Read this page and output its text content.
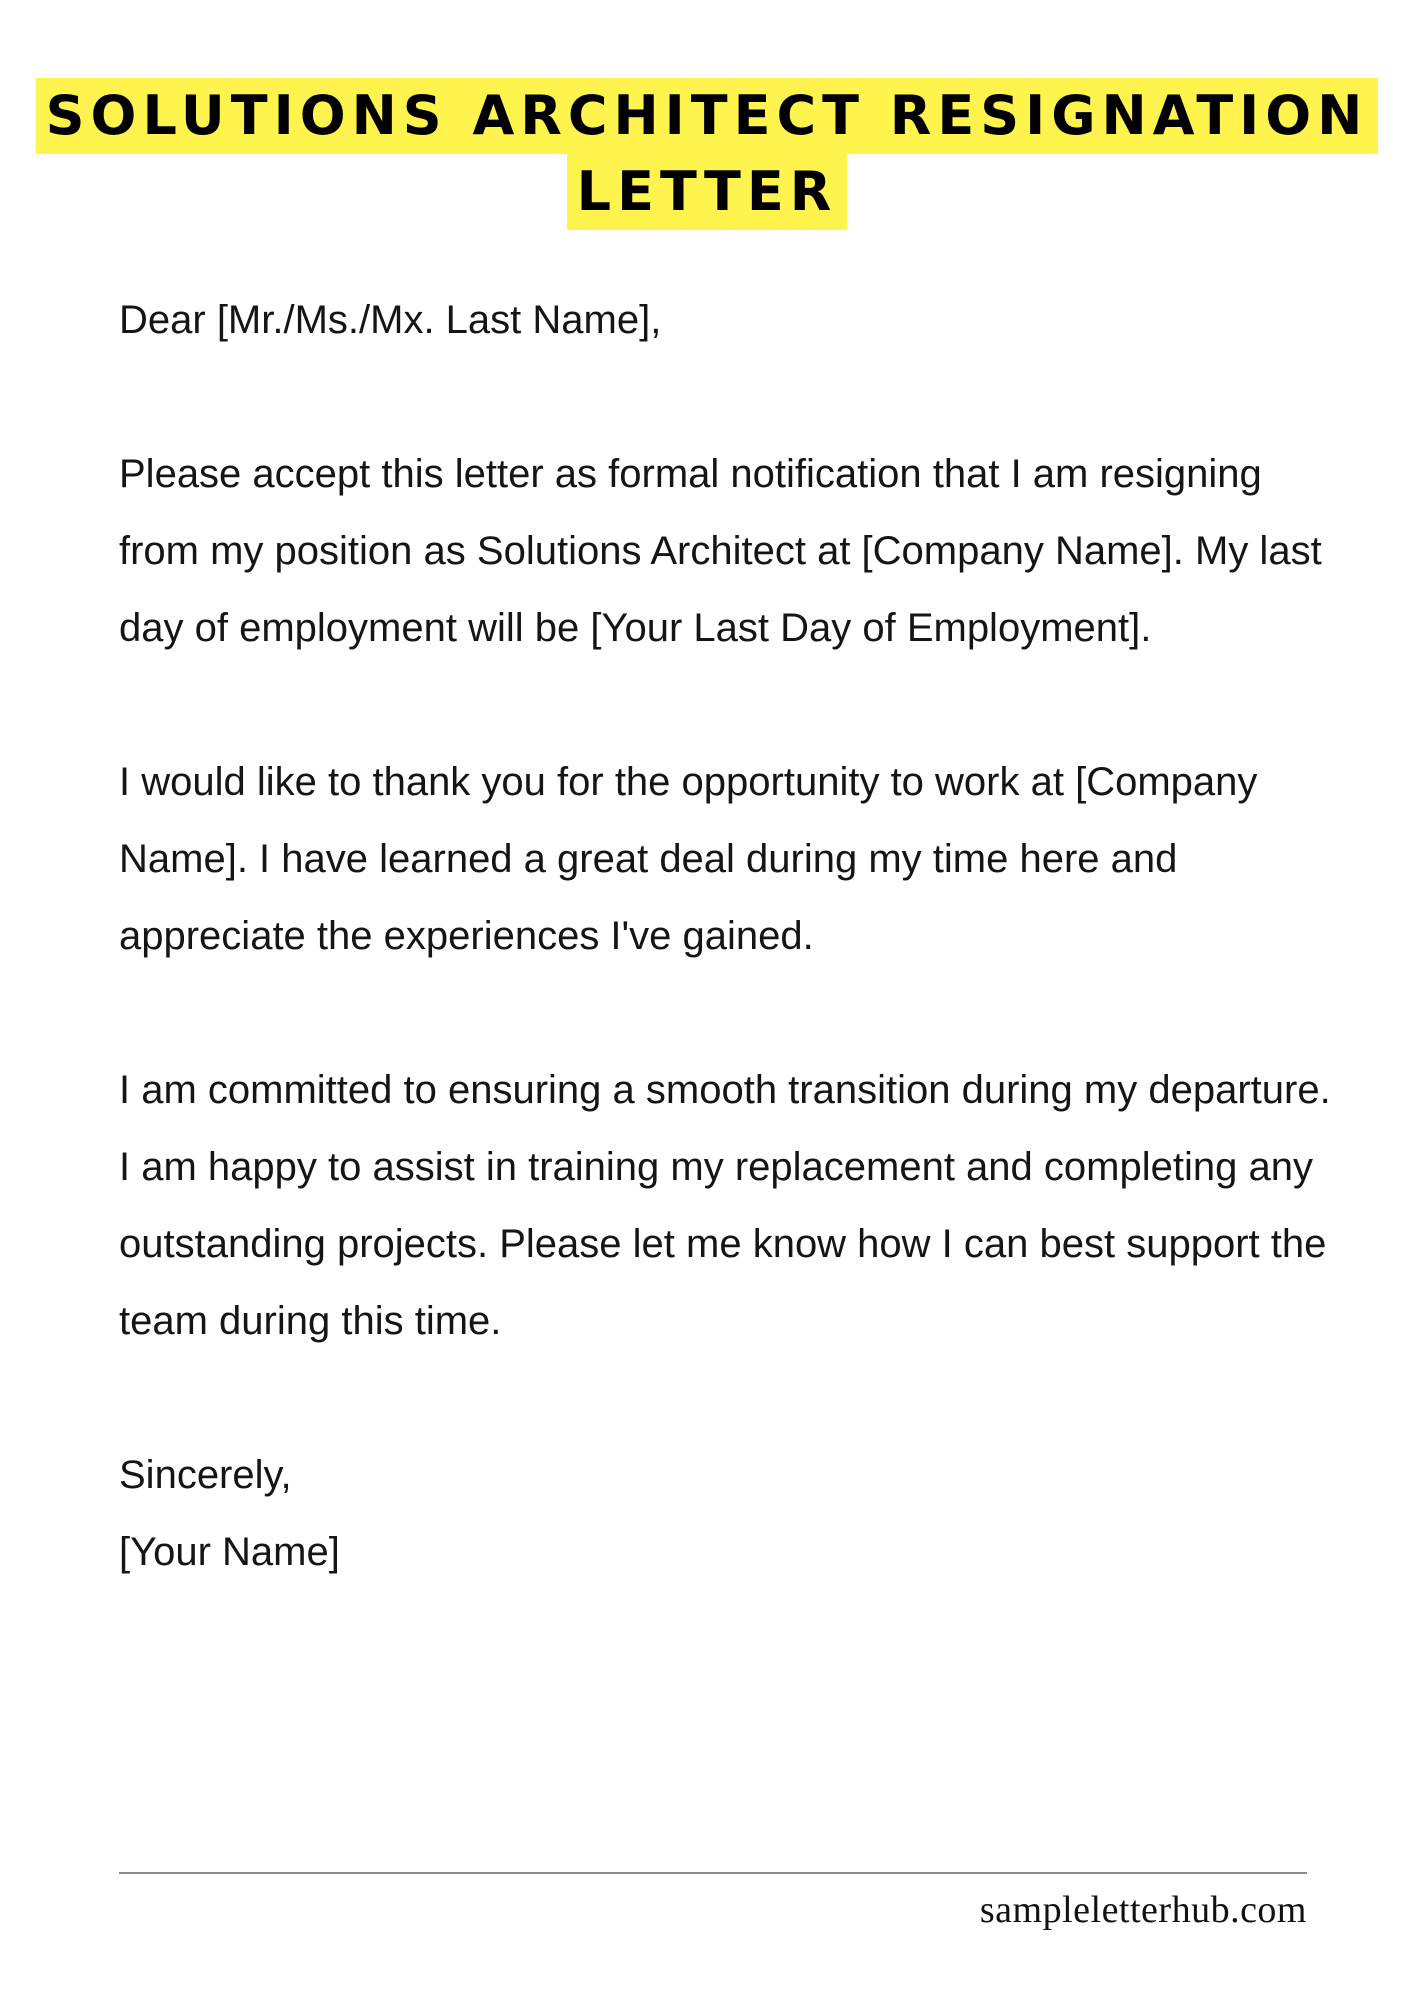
SOLUTIONS ARCHITECT RESIGNATION
LETTER

Dear [Mr./Ms./Mx. Last Name],

Please accept this letter as formal notification that I am resigning from my position as Solutions Architect at [Company Name]. My last day of employment will be [Your Last Day of Employment].

I would like to thank you for the opportunity to work at [Company Name]. I have learned a great deal during my time here and appreciate the experiences I've gained.

I am committed to ensuring a smooth transition during my departure. I am happy to assist in training my replacement and completing any outstanding projects. Please let me know how I can best support the team during this time.

Sincerely,

[Your Name]

sampleletterhub.com
